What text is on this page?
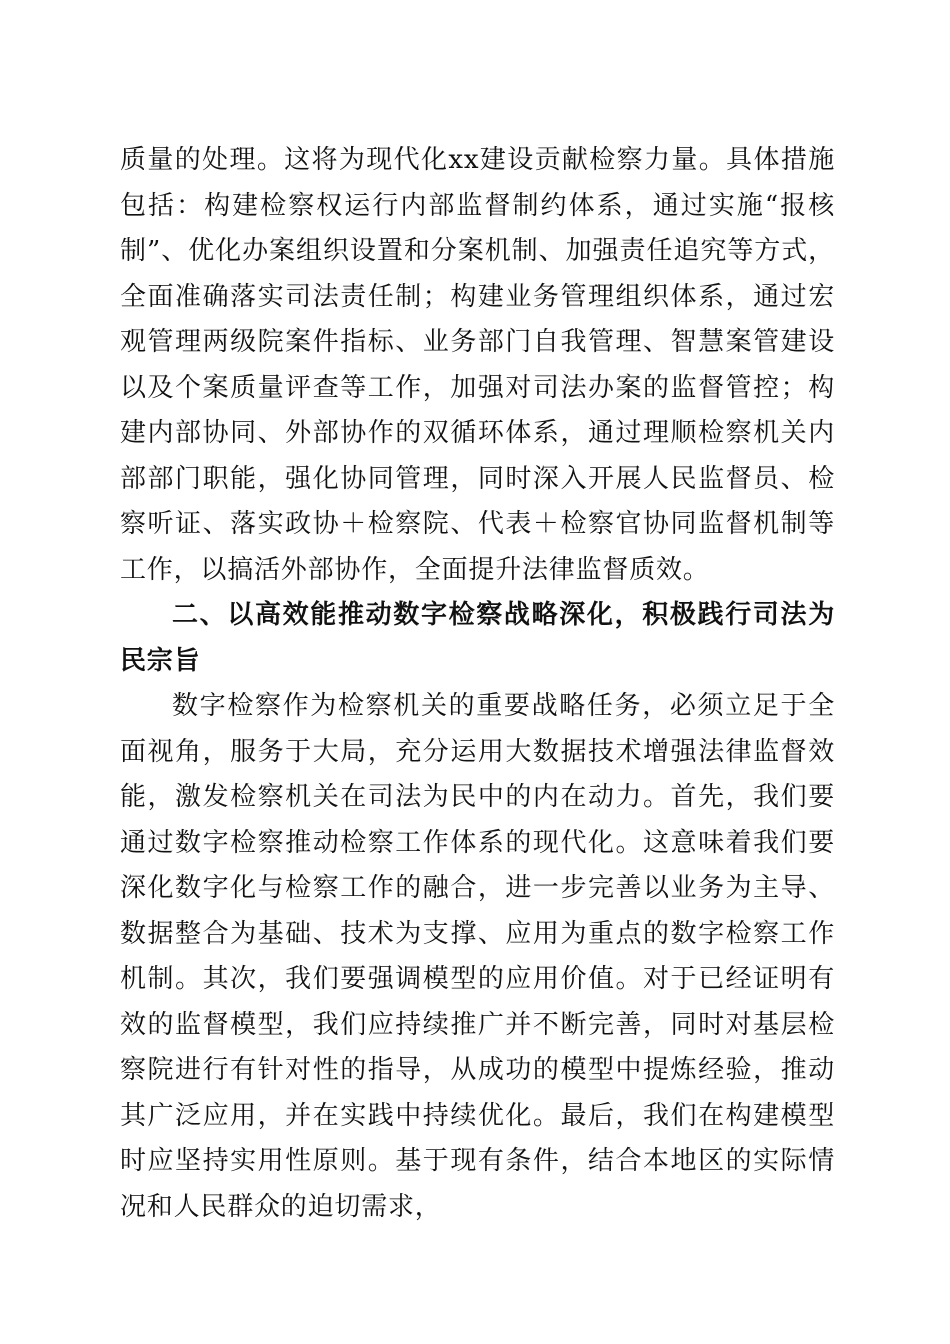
质量的处理。这将为现代化xx建设贡献检察力量。具体措施包括：构建检察权运行内部监督制约体系，通过实施“报核制”、优化办案组织设置和分案机制、加强责任追究等方式，全面准确落实司法责任制；构建业务管理组织体系，通过宏观管理两级院案件指标、业务部门自我管理、智慧案管建设以及个案质量评查等工作，加强对司法办案的监督管控；构建内部协同、外部协作的双循环体系，通过理顺检察机关内部部门职能，强化协同管理，同时深入开展人民监督员、检察听证、落实政协＋检察院、代表＋检察官协同监督机制等工作，以搞活外部协作，全面提升法律监督质效。

二、以高效能推动数字检察战略深化，积极践行司法为民宗旨

数字检察作为检察机关的重要战略任务，必须立足于全面视角，服务于大局，充分运用大数据技术增强法律监督效能，激发检察机关在司法为民中的内在动力。首先，我们要通过数字检察推动检察工作体系的现代化。这意味着我们要深化数字化与检察工作的融合，进一步完善以业务为主导、数据整合为基础、技术为支撑、应用为重点的数字检察工作机制。其次，我们要强调模型的应用价值。对于已经证明有效的监督模型，我们应持续推广并不断完善，同时对基层检察院进行有针对性的指导，从成功的模型中提炼经验，推动其广泛应用，并在实践中持续优化。最后，我们在构建模型时应坚持实用性原则。基于现有条件，结合本地区的实际情况和人民群众的迫切需求，
